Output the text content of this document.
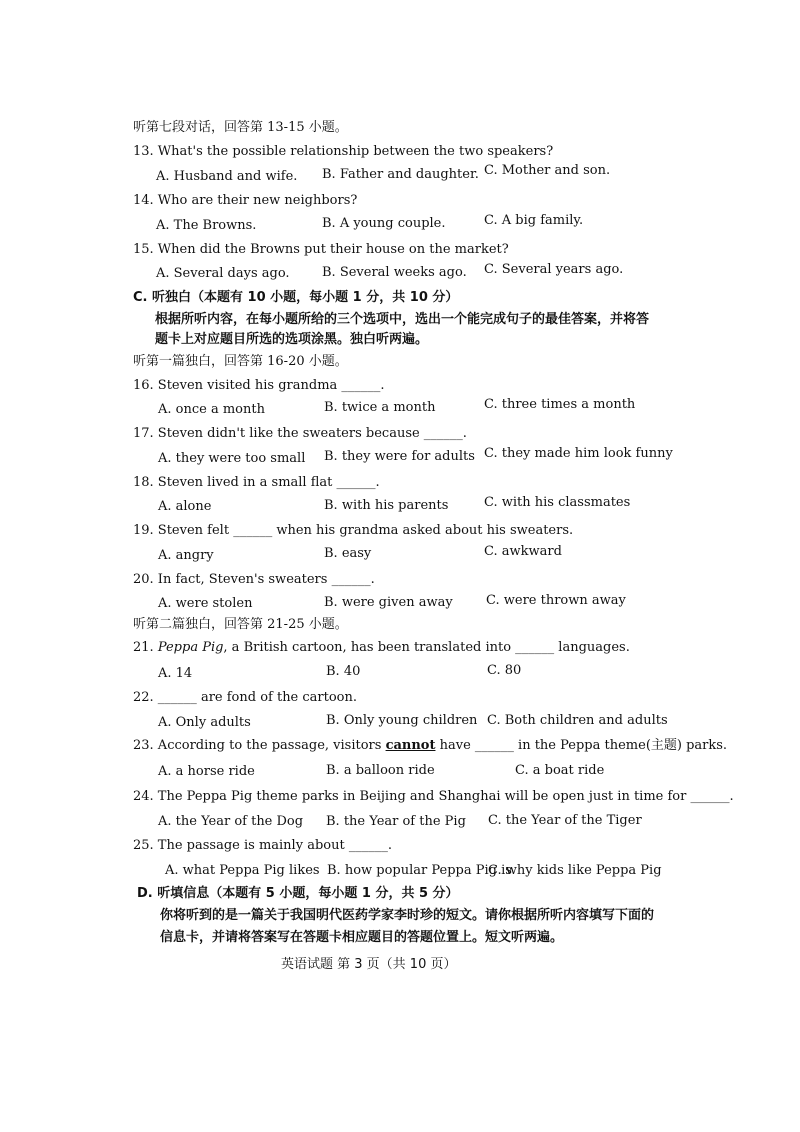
听第七段对话，回答第 13-15 小题。
13. What's the possible relationship between the two speakers?
A. Husband and wife. B. Father and daughter. C. Mother and son.
14. Who are their new neighbors?
A. The Browns.	B. A young couple.	C. A big family.
15. When did the Browns put their house on the market?
A. Several days ago. B. Several weeks ago. C. Several years ago.
C. 听独白（本题有 10 小题，每小题 1 分，共 10 分）
根据所听内容，在每小题所给的三个选项中，选出一个能完成句子的最佳答案，并将答
题卡上对应题目所选的选项涂黑。独白听两遍。
听第一篇独白，回答第 16-20 小题。
16. Steven visited his grandma ______.
A. once a month	B. twice a month	C. three times a month
17. Steven didn't like the sweaters because ______.
A. they were too small B. they were for adults C. they made him look funny
18. Steven lived in a small flat ______.
A. alone	B. with his parents	C. with his classmates
19. Steven felt ______ when his grandma asked about his sweaters.
A. angry	B. easy	C. awkward
20. In fact, Steven's sweaters ______.
A. were stolen	B. were given away	C. were thrown away
听第二篇独白，回答第 21-25 小题。
21. Peppa Pig, a British cartoon, has been translated into ______ languages.
A. 14	B. 40	C. 80
22. ______ are fond of the cartoon.
A. Only adults	B. Only young children C. Both children and adults
23. According to the passage, visitors cannot have ______ in the Peppa theme(主题) parks.
A. a horse ride	B. a balloon ride	C. a boat ride
24. The Peppa Pig theme parks in Beijing and Shanghai will be open just in time for ______.
A. the Year of the Dog B. the Year of the Pig C. the Year of the Tiger
25. The passage is mainly about ______.
A. what Peppa Pig likes B. how popular Peppa Pig is
C. why kids like Peppa Pig
D. 听填信息（本题有 5 小题，每小题 1 分，共 5 分）
你将听到的是一篇关于我国明代医药学家李时珍的短文。请你根据所听内容填写下面的
信息卡，并请将答案写在答题卡相应题目的答题位置上。短文听两遍。
英语试题 第 3 页（共 10 页）
